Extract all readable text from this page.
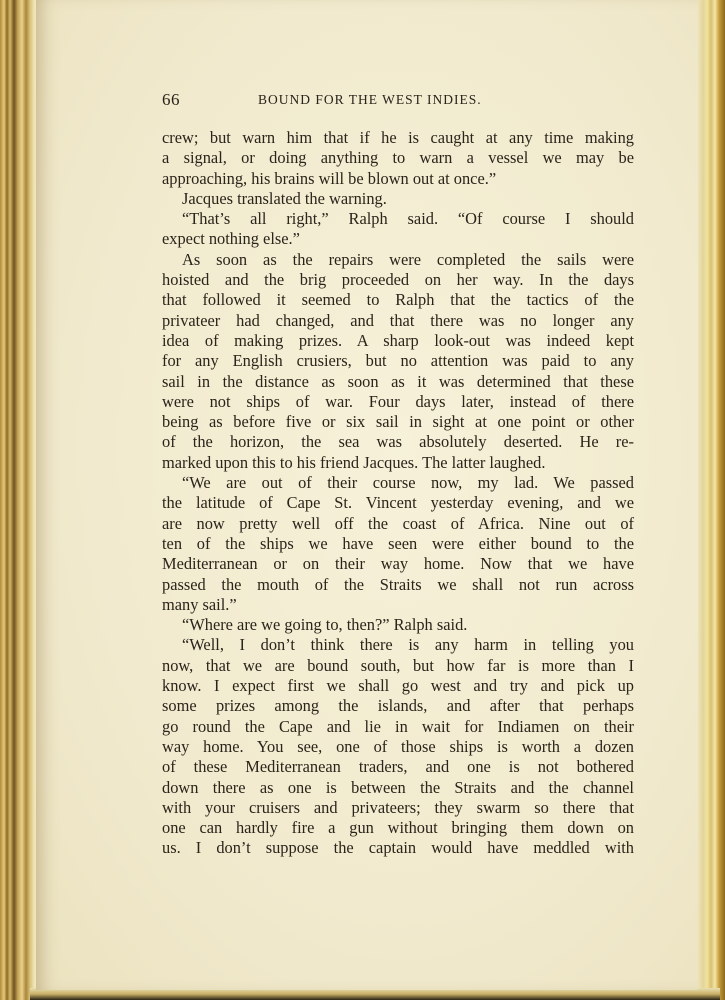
66	BOUND FOR THE WEST INDIES.
crew; but warn him that if he is caught at any time making
a signal, or doing anything to warn a vessel we may be
approaching, his brains will be blown out at once.”
Jacques translated the warning.
“That’s all right,” Ralph said. “Of course I should
expect nothing else.”
As soon as the repairs were completed the sails were
hoisted and the brig proceeded on her way. In the days
that followed it seemed to Ralph that the tactics of the
privateer had changed, and that there was no longer any
idea of making prizes. A sharp look-out was indeed kept
for any English crusiers, but no attention was paid to any
sail in the distance as soon as it was determined that these
were not ships of war. Four days later, instead of there
being as before five or six sail in sight at one point or other
of the horizon, the sea was absolutely deserted. He re-
marked upon this to his friend Jacques. The latter laughed.
“We are out of their course now, my lad. We passed
the latitude of Cape St. Vincent yesterday evening, and we
are now pretty well off the coast of Africa. Nine out of
ten of the ships we have seen were either bound to the
Mediterranean or on their way home. Now that we have
passed the mouth of the Straits we shall not run across
many sail.”
“Where are we going to, then?” Ralph said.
“Well, I don’t think there is any harm in telling you
now, that we are bound south, but how far is more than I
know. I expect first we shall go west and try and pick up
some prizes among the islands, and after that perhaps
go round the Cape and lie in wait for Indiamen on their
way home. You see, one of those ships is worth a dozen
of these Mediterranean traders, and one is not bothered
down there as one is between the Straits and the channel
with your cruisers and privateers; they swarm so there that
one can hardly fire a gun without bringing them down on
us. I don’t suppose the captain would have meddled with
